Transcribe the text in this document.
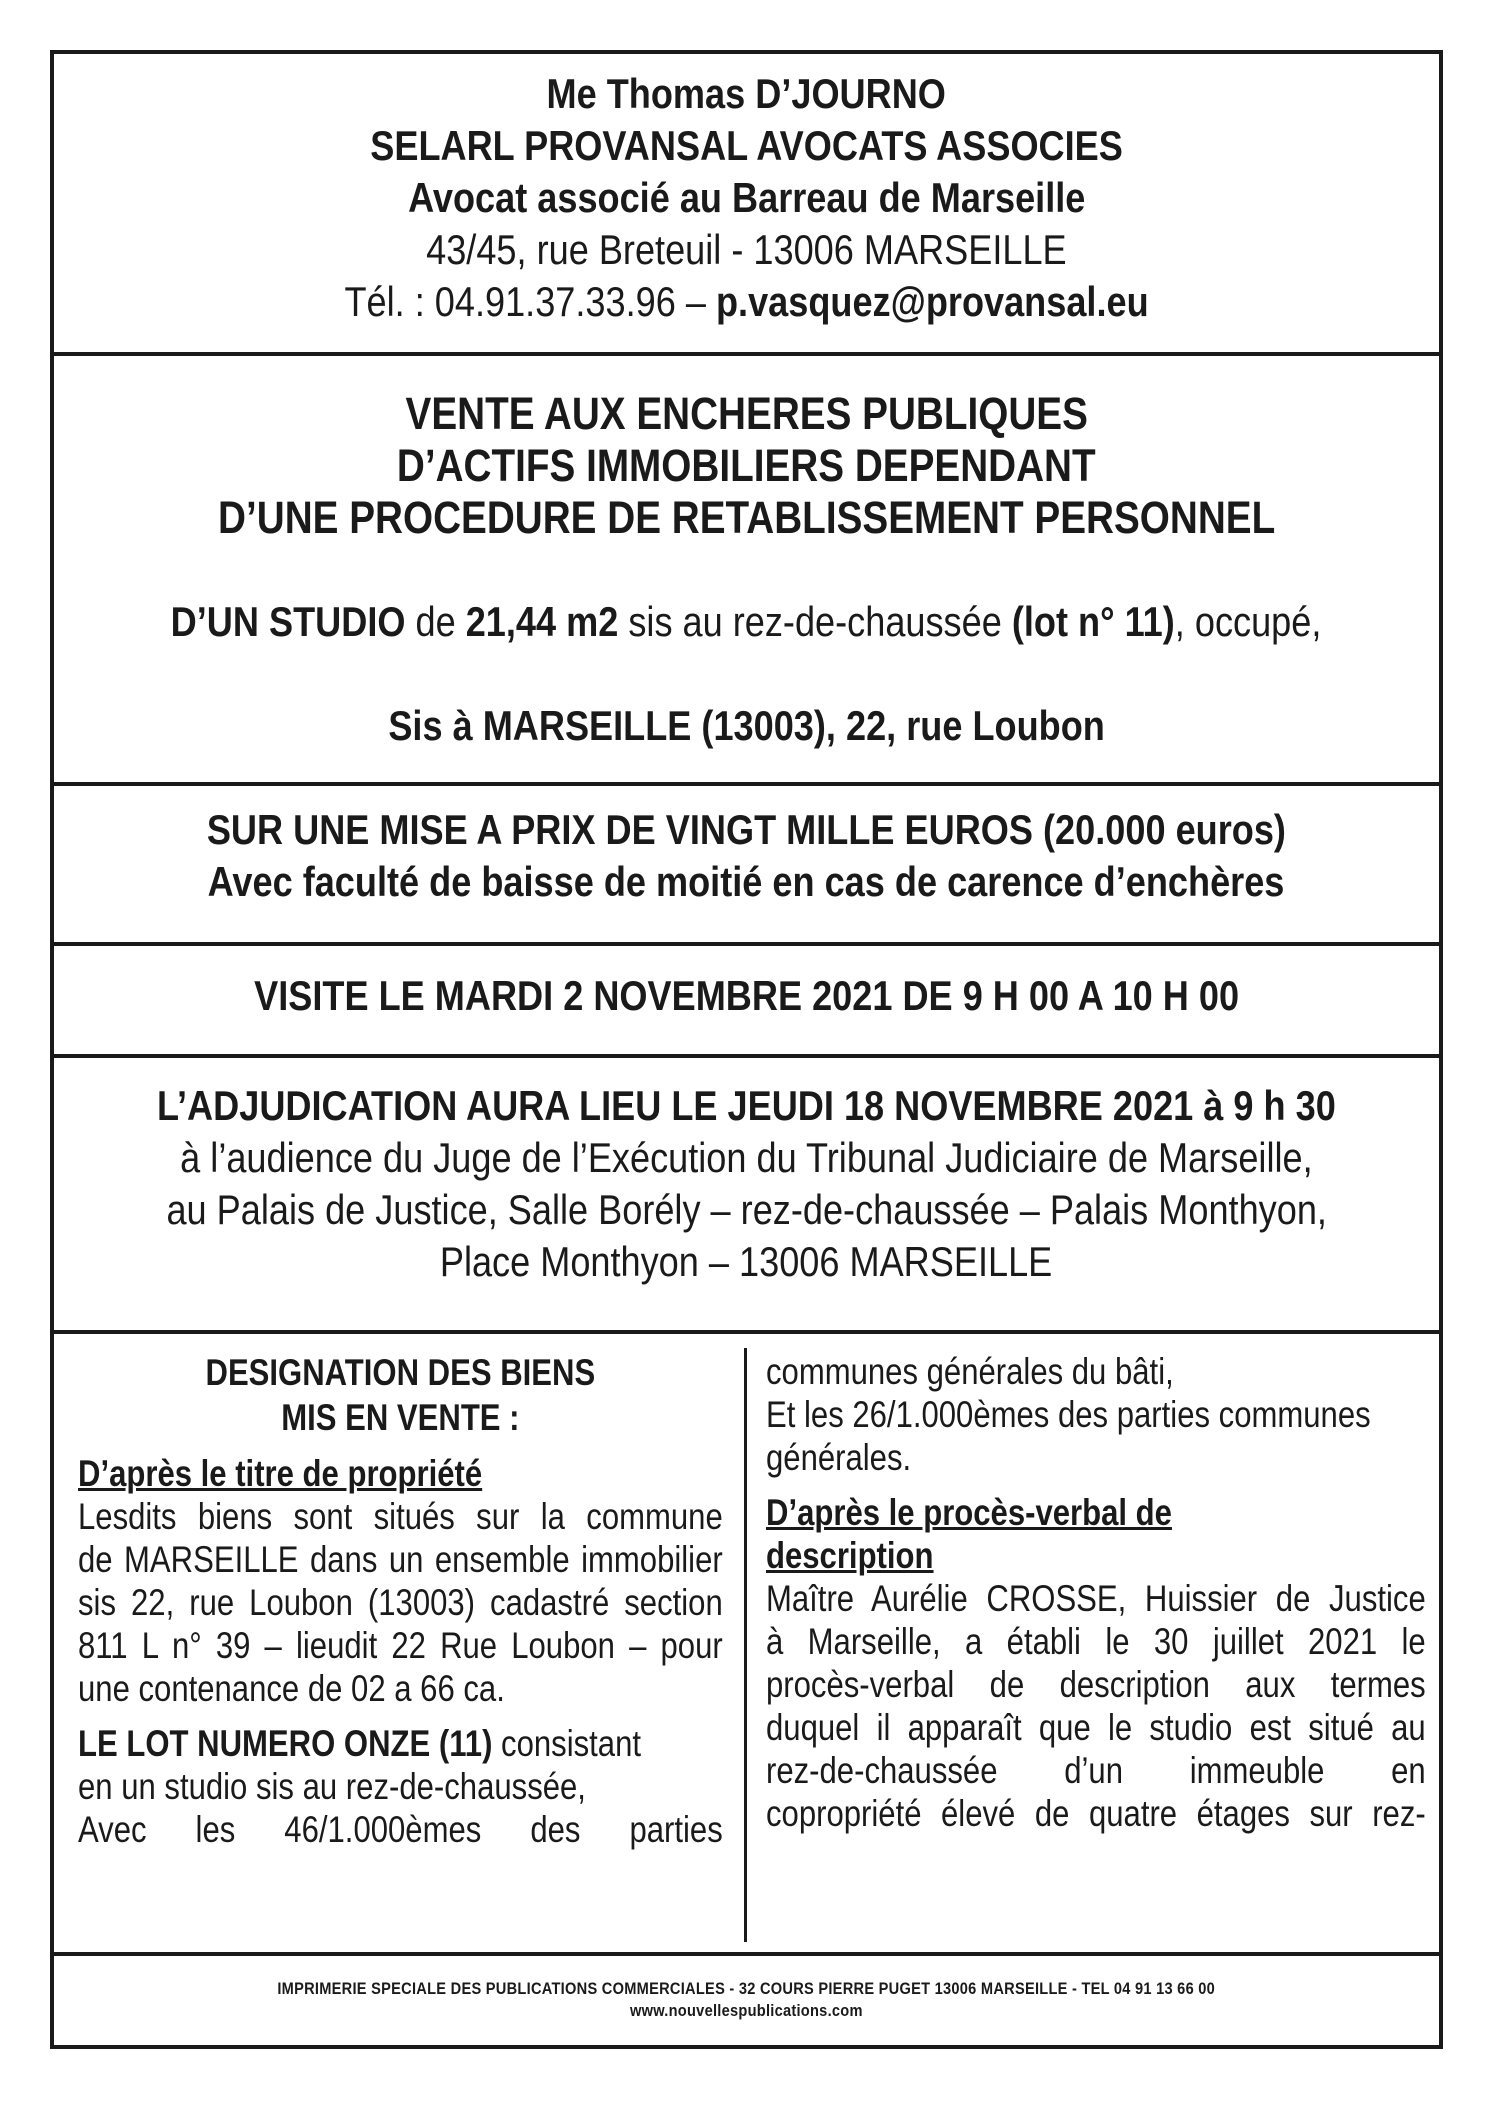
Me Thomas D’JOURNO
SELARL PROVANSAL AVOCATS ASSOCIES
Avocat associé au Barreau de Marseille
43/45, rue Breteuil - 13006 MARSEILLE
Tél. : 04.91.37.33.96 – p.vasquez@provansal.eu
VENTE AUX ENCHERES PUBLIQUES
D’ACTIFS IMMOBILIERS DEPENDANT
D’UNE PROCEDURE DE RETABLISSEMENT PERSONNEL
D’UN STUDIO de 21,44 m2 sis au rez-de-chaussée (lot n° 11), occupé,
Sis à MARSEILLE (13003), 22, rue Loubon
SUR UNE MISE A PRIX DE VINGT MILLE EUROS (20.000 euros)
Avec faculté de baisse de moitié en cas de carence d’enchères
VISITE LE MARDI 2 NOVEMBRE 2021 DE 9 H 00 A 10 H 00
L’ADJUDICATION AURA LIEU LE JEUDI 18 NOVEMBRE 2021 à 9 h 30
à l’audience du Juge de l’Exécution du Tribunal Judiciaire de Marseille,
au Palais de Justice, Salle Borély – rez-de-chaussée – Palais Monthyon,
Place Monthyon – 13006 MARSEILLE

DESIGNATION DES BIENS

MIS EN VENTE :

D’après le titre de propriété

Lesdits biens sont situés sur la commune

de MARSEILLE dans un ensemble immobilier

sis 22, rue Loubon (13003) cadastré section

811 L n° 39 – lieudit 22 Rue Loubon – pour

une contenance de 02 a 66 ca.

LE LOT NUMERO ONZE (11) consistant

en un studio sis au rez-de-chaussée,

Avec les 46/1.000èmes des parties

communes générales du bâti,

Et les 26/1.000èmes des parties communes

générales.

D’après le procès-verbal de

description

Maître Aurélie CROSSE, Huissier de Justice

à Marseille, a établi le 30 juillet 2021 le

procès-verbal de description aux termes

duquel il apparaît que le studio est situé au

rez-de-chaussée d’un immeuble en

copropriété élevé de quatre étages sur rez-

IMPRIMERIE SPECIALE DES PUBLICATIONS COMMERCIALES - 32 COURS PIERRE PUGET 13006 MARSEILLE - TEL 04 91 13 66 00
www.nouvellespublications.com
